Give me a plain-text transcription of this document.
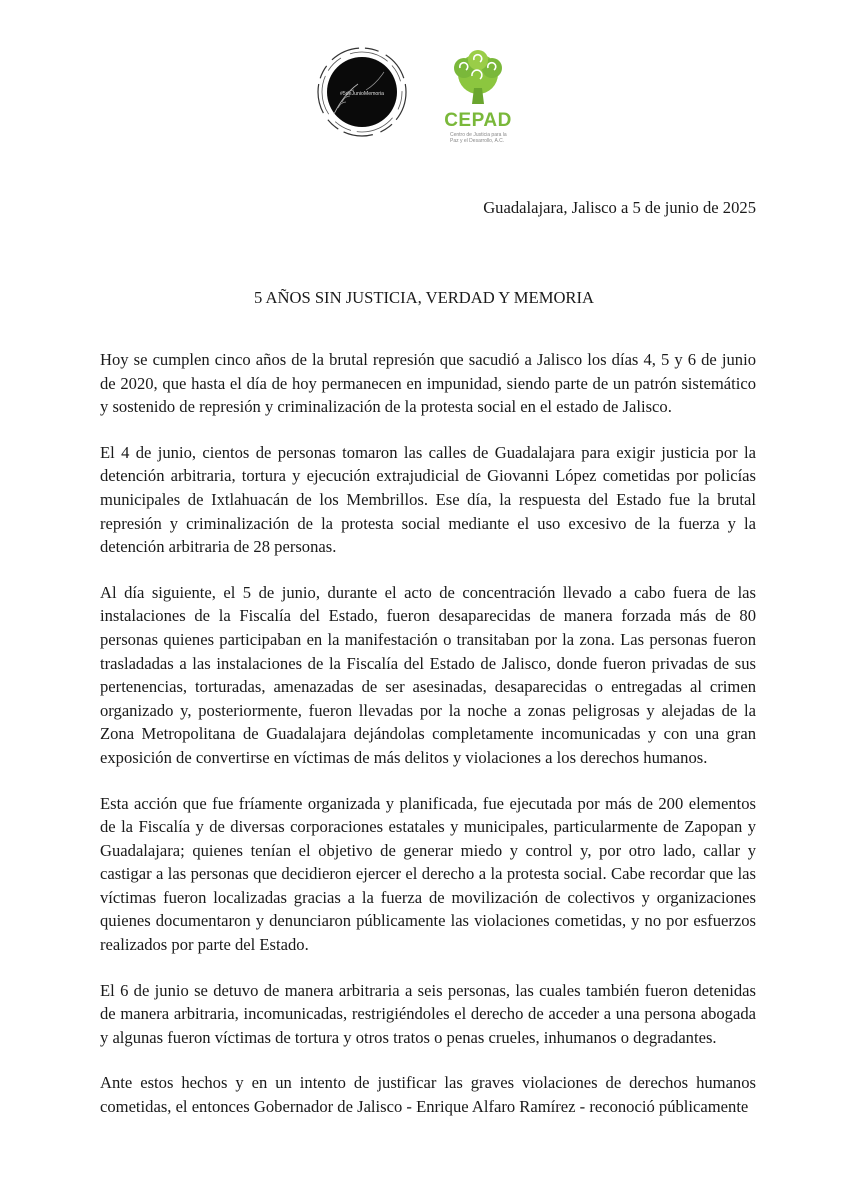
#5deJunioMemoria
CEPAD
Centro de Justicia para la Paz y el Desarrollo, A.C.
Guadalajara, Jalisco a 5 de junio de 2025
5 AÑOS SIN JUSTICIA, VERDAD Y MEMORIA

Hoy se cumplen cinco años de la brutal represión que sacudió a Jalisco los días 4, 5 y 6 de junio de 2020, que hasta el día de hoy permanecen en impunidad, siendo parte de un patrón sistemático y sostenido de represión y criminalización de la protesta social en el estado de Jalisco.

El 4 de junio, cientos de personas tomaron las calles de Guadalajara para exigir justicia por la detención arbitraria, tortura y ejecución extrajudicial de Giovanni López cometidas por policías municipales de Ixtlahuacán de los Membrillos. Ese día, la respuesta del Estado fue la brutal represión y criminalización de la protesta social mediante el uso excesivo de la fuerza y la detención arbitraria de 28 personas.

Al día siguiente, el 5 de junio, durante el acto de concentración llevado a cabo fuera de las instalaciones de la Fiscalía del Estado, fueron desaparecidas de manera forzada más de 80 personas quienes participaban en la manifestación o transitaban por la zona. Las personas fueron trasladadas a las instalaciones de la Fiscalía del Estado de Jalisco, donde fueron privadas de sus pertenencias, torturadas, amenazadas de ser asesinadas, desaparecidas o entregadas al crimen organizado y, posteriormente, fueron llevadas por la noche a zonas peligrosas y alejadas de la Zona Metropolitana de Guadalajara dejándolas completamente incomunicadas y con una gran exposición de convertirse en víctimas de más delitos y violaciones a los derechos humanos.

Esta acción que fue fríamente organizada y planificada, fue ejecutada por más de 200 elementos de la Fiscalía y de diversas corporaciones estatales y municipales, particularmente de Zapopan y Guadalajara; quienes tenían el objetivo de generar miedo y control y, por otro lado, callar y castigar a las personas que decidieron ejercer el derecho a la protesta social. Cabe recordar que las víctimas fueron localizadas gracias a la fuerza de movilización de colectivos y organizaciones quienes documentaron y denunciaron públicamente las violaciones cometidas, y no por esfuerzos realizados por parte del Estado.

El 6 de junio se detuvo de manera arbitraria a seis personas, las cuales también fueron detenidas de manera arbitraria, incomunicadas, restrigiéndoles el derecho de acceder a una persona abogada y algunas fueron víctimas de tortura y otros tratos o penas crueles, inhumanos o degradantes.

Ante estos hechos y en un intento de justificar las graves violaciones de derechos humanos cometidas, el entonces Gobernador de Jalisco - Enrique Alfaro Ramírez - reconoció públicamente
